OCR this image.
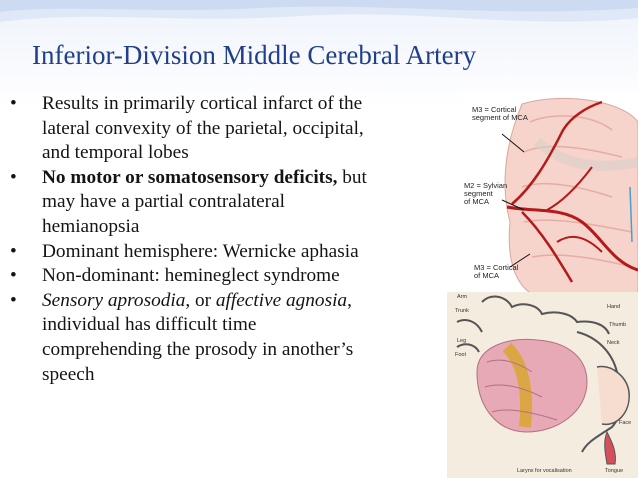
Inferior-Division Middle Cerebral Artery
•	Results in primarily cortical infarct of the
lateral convexity of the parietal, occipital,
and temporal lobes
•	No motor or somatosensory deficits, but
may have a partial contralateral
hemianopsia
•	Dominant hemisphere: Wernicke aphasia
•	Non-dominant: hemineglect syndrome
•	Sensory aprosodia, or affective agnosia,
individual has difficult time
comprehending the prosody in another’s
speech
M3 = Cortical
segment of MCA
M2 = Sylvian
segment
of MCA
M3 = Cortical
of MCA
Arm
Trunk
Leg
Foot
Hand
Thumb
Neck
Face
Tongue
Larynx for vocalisation
